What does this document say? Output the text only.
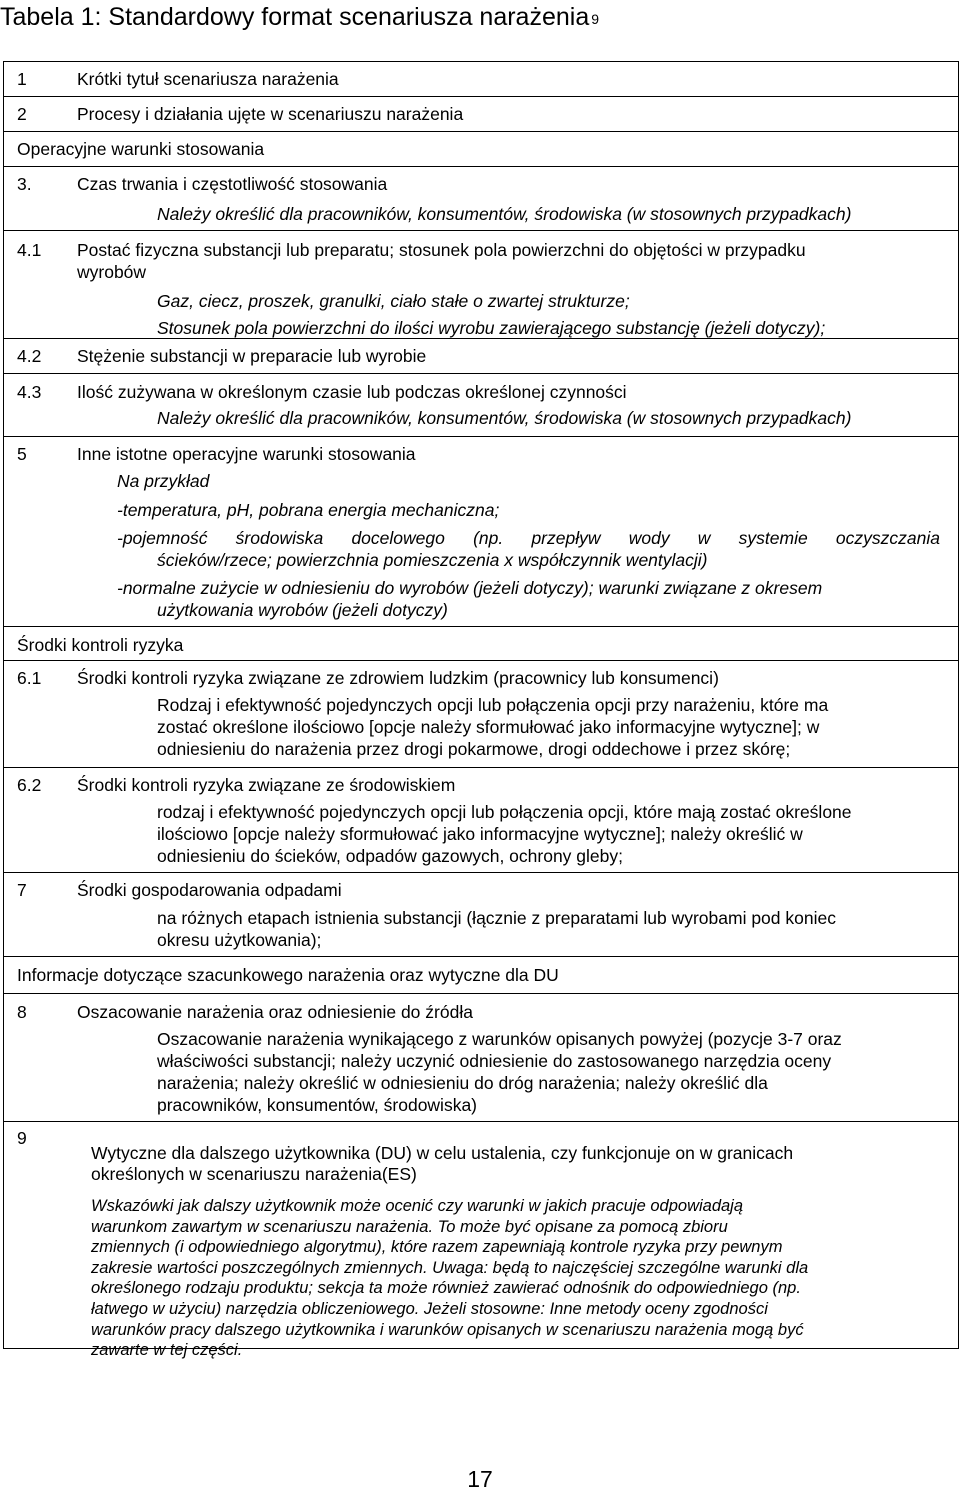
Tabela 1: Standardowy format scenariusza narażenia $^9$
1	Krótki tytuł scenariusza narażenia

2	Procesy i działania ujęte w scenariuszu narażenia

Operacyjne warunki stosowania

3.	Czas trwania i częstotliwość stosowania
Należy określić dla pracowników, konsumentów, środowiska (w stosownych przypadkach)

4.1 Postać fizyczna substancji lub preparatu; stosunek pola powierzchni do objętości w przypadku
wyrobów
Gaz, ciecz, proszek, granulki, ciało stałe o zwartej strukturze;
Stosunek pola powierzchni do ilości wyrobu zawierającego substancję (jeżeli dotyczy);

4.2 Stężenie substancji w preparacie lub wyrobie

4.3 Ilość zużywana w określonym czasie lub podczas określonej czynności
Należy określić dla pracowników, konsumentów, środowiska (w stosownych przypadkach)

5	Inne istotne operacyjne warunki stosowania
Na przykład
-temperatura, pH, pobrana energia mechaniczna;
-pojemność środowiska docelowego (np. przepływ wody w systemie oczyszczania
ścieków/rzece; powierzchnia pomieszczenia x współczynnik wentylacji)
-normalne zużycie w odniesieniu do wyrobów (jeżeli dotyczy); warunki związane z okresem
użytkowania wyrobów (jeżeli dotyczy)

Środki kontroli ryzyka

6.1 Środki kontroli ryzyka związane ze zdrowiem ludzkim (pracownicy lub konsumenci)
Rodzaj i efektywność pojedynczych opcji lub połączenia opcji przy narażeniu, które ma
zostać określone ilościowo [opcje należy sformułować jako informacyjne wytyczne]; w
odniesieniu do narażenia przez drogi pokarmowe, drogi oddechowe i przez skórę;

6.2 Środki kontroli ryzyka związane ze środowiskiem
rodzaj i efektywność pojedynczych opcji lub połączenia opcji, które mają zostać określone
ilościowo [opcje należy sformułować jako informacyjne wytyczne]; należy określić w
odniesieniu do ścieków, odpadów gazowych, ochrony gleby;

7	Środki gospodarowania odpadami
na różnych etapach istnienia substancji (łącznie z preparatami lub wyrobami pod koniec
okresu użytkowania);

Informacje dotyczące szacunkowego narażenia oraz wytyczne dla DU

8	Oszacowanie narażenia oraz odniesienie do źródła
Oszacowanie narażenia wynikającego z warunków opisanych powyżej (pozycje 3-7 oraz
właściwości substancji; należy uczynić odniesienie do zastosowanego narzędzia oceny
narażenia; należy określić w odniesieniu do dróg narażenia; należy określić dla
pracowników, konsumentów, środowiska)

9
Wytyczne dla dalszego użytkownika (DU) w celu ustalenia, czy funkcjonuje on w granicach
określonych w scenariuszu narażenia(ES)
Wskazówki jak dalszy użytkownik może ocenić czy warunki w jakich pracuje odpowiadają
warunkom zawartym w scenariuszu narażenia. To może być opisane za pomocą zbioru
zmiennych (i odpowiedniego algorytmu), które razem zapewniają kontrole ryzyka przy pewnym
zakresie wartości poszczególnych zmiennych. Uwaga: będą to najczęściej szczególne warunki dla
określonego rodzaju produktu; sekcja ta może również zawierać odnośnik do odpowiedniego (np.
łatwego w użyciu) narzędzia obliczeniowego. Jeżeli stosowne: Inne metody oceny zgodności
warunków pracy dalszego użytkownika i warunków opisanych w scenariuszu narażenia mogą być
zawarte w tej części.
17
